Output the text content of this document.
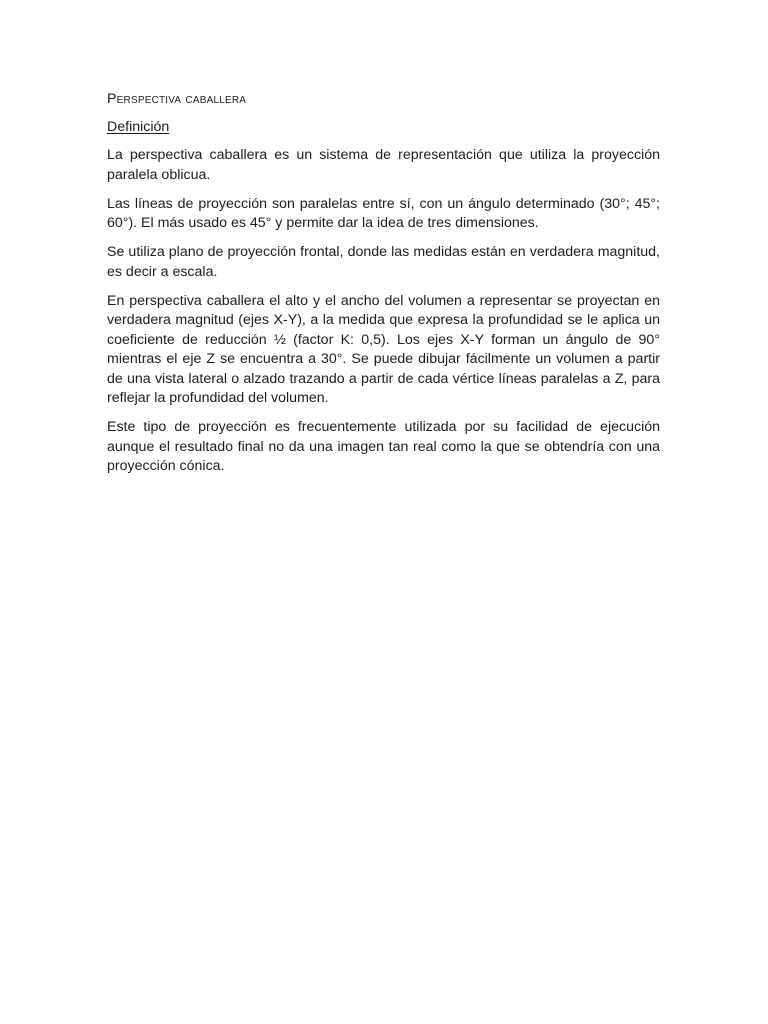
Perspectiva caballera
Definición

La perspectiva caballera es un sistema de representación que utiliza la proyección paralela oblicua.

Las líneas de proyección son paralelas entre sí, con un ángulo determinado (30°; 45°; 60°). El más usado es 45° y permite dar la idea de tres dimensiones.

Se utiliza plano de proyección frontal, donde las medidas están en verdadera magnitud, es decir a escala.

En perspectiva caballera el alto y el ancho del volumen a representar se proyectan en verdadera magnitud (ejes X-Y), a la medida que expresa la profundidad se le aplica un coeficiente de reducción ½ (factor K: 0,5). Los ejes X-Y forman un ángulo de 90° mientras el eje Z se encuentra a 30°. Se puede dibujar fácilmente un volumen a partir de una vista lateral o alzado trazando a partir de cada vértice líneas paralelas a Z, para reflejar la profundidad del volumen.

Este tipo de proyección es frecuentemente utilizada por su facilidad de ejecución aunque el resultado final no da una imagen tan real como la que se obtendría con una proyección cónica.
